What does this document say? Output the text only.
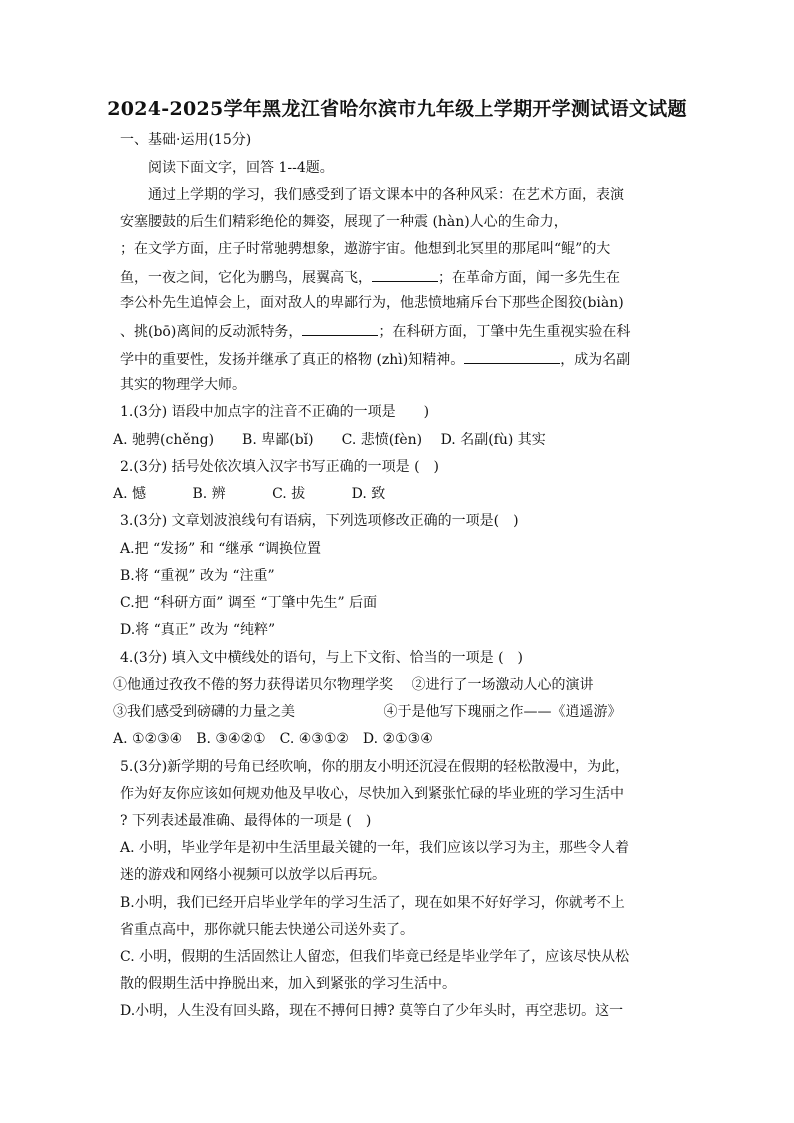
2024-2025学年黑龙江省哈尔滨市九年级上学期开学测试语文试题
一、基础·运用(15分)
阅读下面文字，回答 1--4题。
通过上学期的学习，我们感受到了语文课本中的各种风采：在艺术方面，表演
安塞腰鼓的后生们精彩绝伦的舞姿，展现了一种震 (hàn)人心的生命力，
；在文学方面，庄子时常驰骋想象，遨游宇宙。他想到北冥里的那尾叫“鲲”的大
鱼，一夜之间，它化为鹏鸟，展翼高飞，	；在革命方面，闻一多先生在
李公朴先生追悼会上，面对敌人的卑鄙行为，他悲愤地痛斥台下那些企图狡(biàn)
、挑(bō)离间的反动派特务，	；在科研方面，丁肇中先生重视实验在科
学中的重要性，发扬并继承了真正的格物 (zhì)知精神。	，成为名副
其实的物理学大师。
1.(3分) 语段中加点字的注音不正确的一项是　　)
A. 驰骋(chěng)　　B. 卑鄙(bǐ)　　C. 悲愤(fèn)　 D. 名副(fù) 其实
2.(3分) 括号处依次填入汉字书写正确的一项是 (　)
A. 憾　　　 B. 辨　　　 C. 拔　　　 D. 致
3.(3分) 文章划波浪线句有语病，下列选项修改正确的一项是(　)
A.把 “发扬” 和 “继承 “调换位置
B.将 “重视” 改为 “注重”
C.把 “科研方面” 调至 “丁肇中先生” 后面
D.将 “真正” 改为 “纯粹”
4.(3分) 填入文中横线处的语句，与上下文衔、恰当的一项是 (　)
①他通过孜孜不倦的努力获得诺贝尔物理学奖　 ②进行了一场激动人心的演讲
③我们感受到磅礴的力量之美　　　　　　 ④于是他写下瑰丽之作——《逍遥游》
A. ①②③④　B. ③④②①　C. ④③①②　D. ②①③④
5.(3分)新学期的号角已经吹响，你的朋友小明还沉浸在假期的轻松散漫中，为此，
作为好友你应该如何规劝他及早收心，尽快加入到紧张忙碌的毕业班的学习生活中
? 下列表述最准确、最得体的一项是 (　)
A. 小明，毕业学年是初中生活里最关键的一年，我们应该以学习为主，那些令人着
迷的游戏和网络小视频可以放学以后再玩。
B.小明，我们已经开启毕业学年的学习生活了，现在如果不好好学习，你就考不上
省重点高中，那你就只能去快递公司送外卖了。
C. 小明，假期的生活固然让人留恋，但我们毕竟已经是毕业学年了，应该尽快从松
散的假期生活中挣脱出来，加入到紧张的学习生活中。
D.小明，人生没有回头路，现在不搏何日搏? 莫等白了少年头时，再空悲切。这一
